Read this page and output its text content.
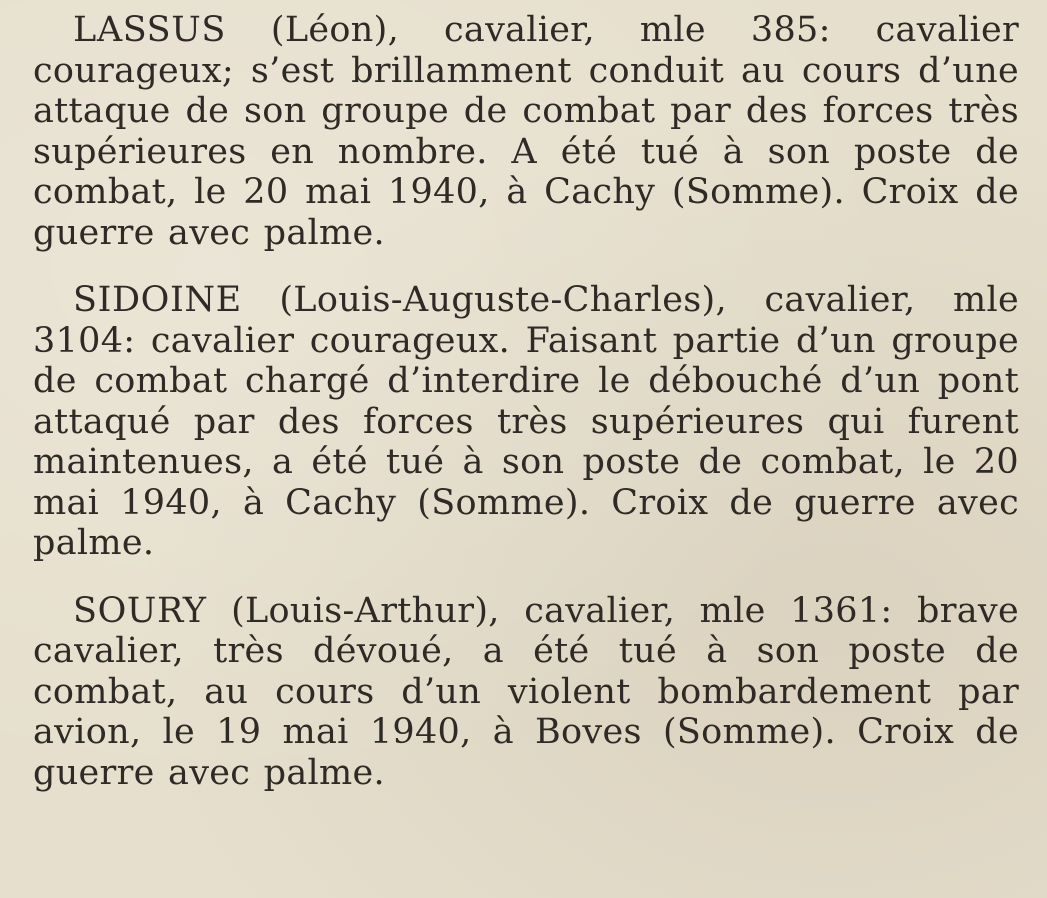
LASSUS (Léon), cavalier, mle 385: cavalier courageux; s’est brillamment conduit au cours d’une attaque de son groupe de combat par des forces très supérieures en nombre. A été tué à son poste de combat, le 20 mai 1940, à Cachy (Somme). Croix de guerre avec palme.

SIDOINE (Louis-Auguste-Charles), cavalier, mle 3104: cavalier courageux. Faisant partie d’un groupe de combat chargé d’interdire le débouché d’un pont attaqué par des forces très supérieures qui furent maintenues, a été tué à son poste de combat, le 20 mai 1940, à Cachy (Somme). Croix de guerre avec palme.

SOURY (Louis-Arthur), cavalier, mle 1361: brave cavalier, très dévoué, a été tué à son poste de combat, au cours d’un violent bombardement par avion, le 19 mai 1940, à Boves (Somme). Croix de guerre avec palme.
